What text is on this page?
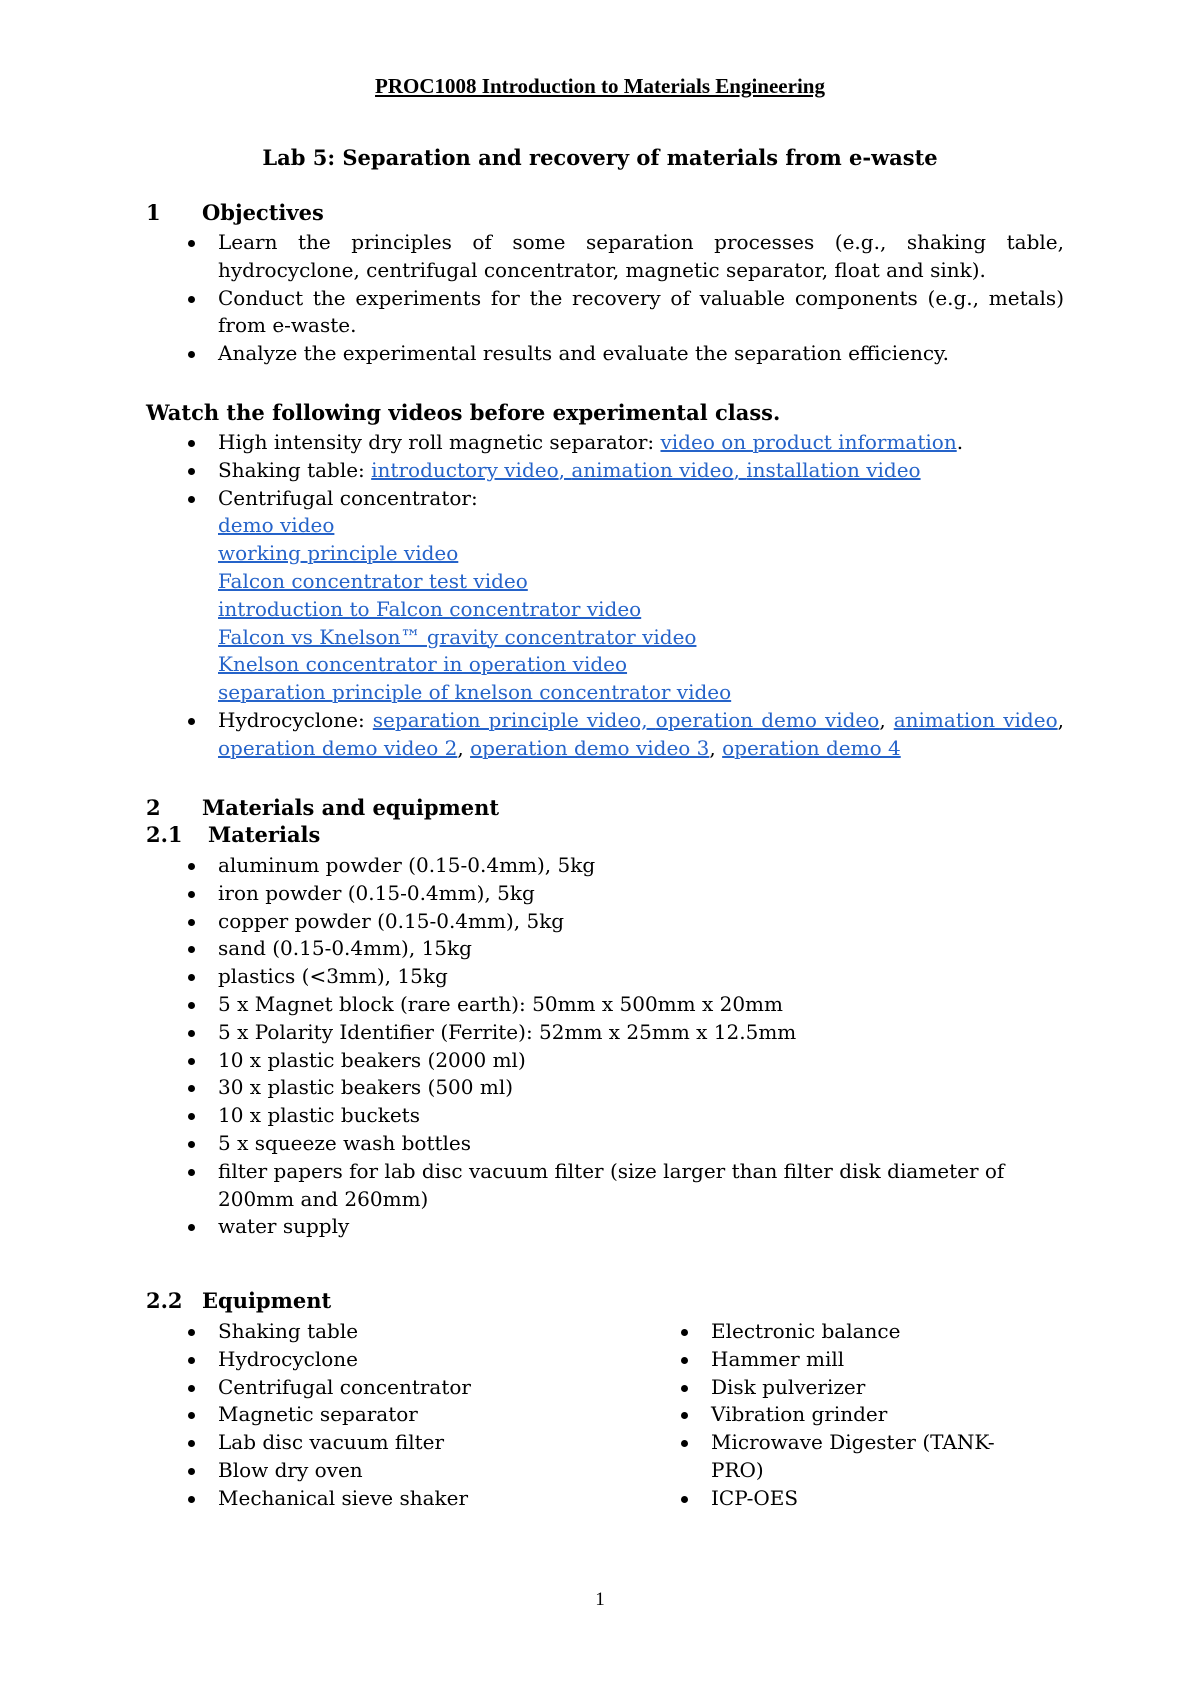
PROC1008 Introduction to Materials Engineering
Lab 5: Separation and recovery of materials from e-waste
1 Objectives
Learn the principles of some separation processes (e.g., shaking table, hydrocyclone, centrifugal concentrator, magnetic separator, float and sink).
Conduct the experiments for the recovery of valuable components (e.g., metals) from e-waste.
Analyze the experimental results and evaluate the separation efficiency.
Watch the following videos before experimental class.
High intensity dry roll magnetic separator: video on product information.
Shaking table: introductory video, animation video, installation video
Centrifugal concentrator:
demo video
working principle video
Falcon concentrator test video
introduction to Falcon concentrator video
Falcon vs Knelson™ gravity concentrator video
Knelson concentrator in operation video
separation principle of knelson concentrator video
Hydrocyclone: separation principle video, operation demo video, animation video, operation demo video 2, operation demo video 3, operation demo 4
2 Materials and equipment
2.1 Materials
aluminum powder (0.15-0.4mm), 5kg
iron powder (0.15-0.4mm), 5kg
copper powder (0.15-0.4mm), 5kg
sand (0.15-0.4mm), 15kg
plastics (<3mm), 15kg
5 x Magnet block (rare earth): 50mm x 500mm x 20mm
5 x Polarity Identifier (Ferrite): 52mm x 25mm x 12.5mm
10 x plastic beakers (2000 ml)
30 x plastic beakers (500 ml)
10 x plastic buckets
5 x squeeze wash bottles
filter papers for lab disc vacuum filter (size larger than filter disk diameter of 200mm and 260mm)
water supply
2.2 Equipment
Shaking table
Hydrocyclone
Centrifugal concentrator
Magnetic separator
Lab disc vacuum filter
Blow dry oven
Mechanical sieve shaker
Electronic balance
Hammer mill
Disk pulverizer
Vibration grinder
Microwave Digester (TANK-PRO)
ICP-OES
1
